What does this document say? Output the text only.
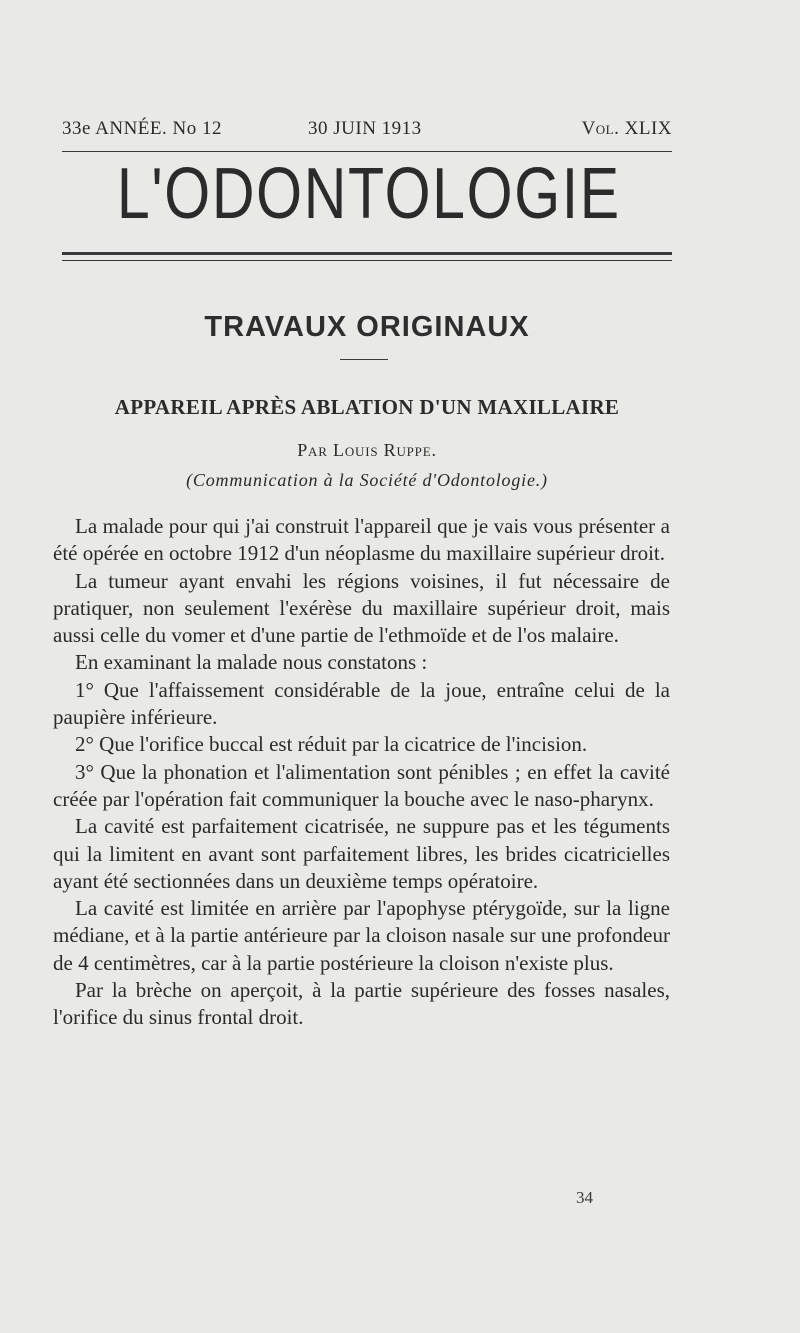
33e ANNÉE. No 12	30 JUIN 1913	Vol. XLIX
L'ODONTOLOGIE
TRAVAUX ORIGINAUX
APPAREIL APRÈS ABLATION D'UN MAXILLAIRE
Par Louis Ruppe.
(Communication à la Société d'Odontologie.)

La malade pour qui j'ai construit l'appareil que je vais vous présenter a été opérée en octobre 1912 d'un néoplasme du maxillaire supérieur droit.

La tumeur ayant envahi les régions voisines, il fut nécessaire de pratiquer, non seulement l'exérèse du maxillaire supérieur droit, mais aussi celle du vomer et d'une partie de l'ethmoïde et de l'os malaire.

En examinant la malade nous constatons :

1° Que l'affaissement considérable de la joue, entraîne celui de la paupière inférieure.

2° Que l'orifice buccal est réduit par la cicatrice de l'incision.

3° Que la phonation et l'alimentation sont pénibles ; en effet la cavité créée par l'opération fait communiquer la bouche avec le naso-pharynx.

La cavité est parfaitement cicatrisée, ne suppure pas et les téguments qui la limitent en avant sont parfaitement libres, les brides cicatricielles ayant été sectionnées dans un deuxième temps opératoire.

La cavité est limitée en arrière par l'apophyse ptérygoïde, sur la ligne médiane, et à la partie antérieure par la cloison nasale sur une profondeur de 4 centimètres, car à la partie postérieure la cloison n'existe plus.

Par la brèche on aperçoit, à la partie supérieure des fosses nasales, l'orifice du sinus frontal droit.

34
